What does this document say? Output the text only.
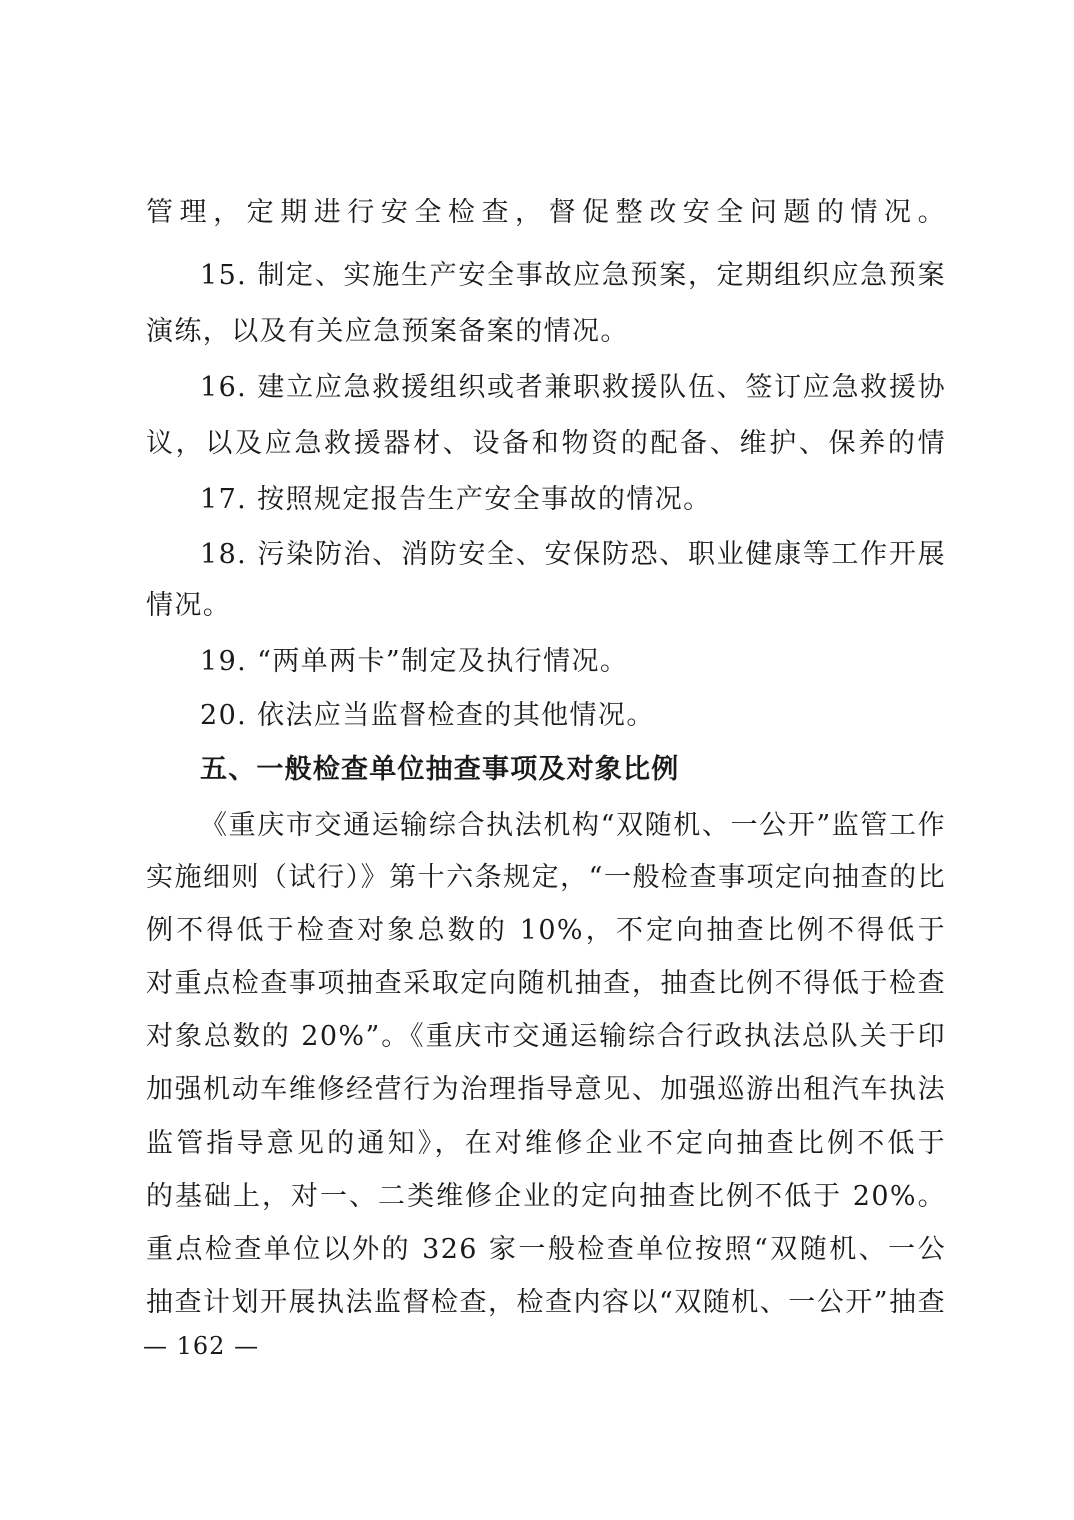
管理，定期进行安全检查，督促整改安全问题的情况。
15. 制定、实施生产安全事故应急预案，定期组织应急预案
演练，以及有关应急预案备案的情况。
16. 建立应急救援组织或者兼职救援队伍、签订应急救援协
议，以及应急救援器材、设备和物资的配备、维护、保养的情
17. 按照规定报告生产安全事故的情况。
18. 污染防治、消防安全、安保防恐、职业健康等工作开展
情况。
19. “两单两卡”制定及执行情况。
20. 依法应当监督检查的其他情况。
五、一般检查单位抽查事项及对象比例
《重庆市交通运输综合执法机构“双随机、一公开”监管工作
实施细则（试行）》第十六条规定，“一般检查事项定向抽查的比
例不得低于检查对象总数的 10%，不定向抽查比例不得低于
对重点检查事项抽查采取定向随机抽查，抽查比例不得低于检查
对象总数的 20%”。《重庆市交通运输综合行政执法总队关于印
加强机动车维修经营行为治理指导意见、加强巡游出租汽车执法
监管指导意见的通知》，在对维修企业不定向抽查比例不低于
的基础上，对一、二类维修企业的定向抽查比例不低于 20%。
重点检查单位以外的 326 家一般检查单位按照“双随机、一公
抽查计划开展执法监督检查，检查内容以“双随机、一公开”抽查
— 162 —
